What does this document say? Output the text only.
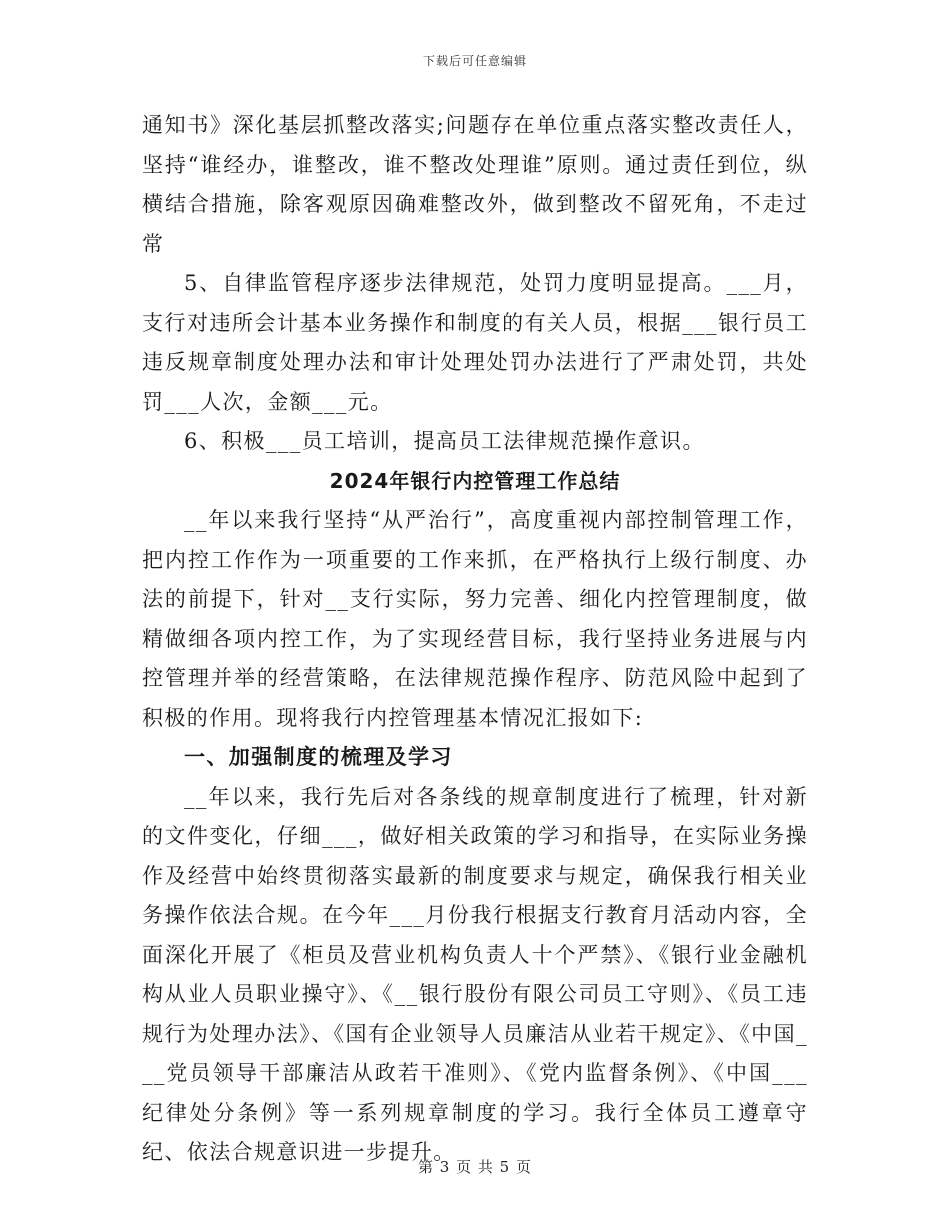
下载后可任意编辑

通知书》深化基层抓整改落实;问题存在单位重点落实整改责任人，坚持“谁经办，谁整改，谁不整改处理谁”原则。通过责任到位，纵横结合措施，除客观原因确难整改外，做到整改不留死角，不走过常

5、自律监管程序逐步法律规范，处罚力度明显提高。___月，支行对违所会计基本业务操作和制度的有关人员，根据___银行员工违反规章制度处理办法和审计处理处罚办法进行了严肃处罚，共处罚___人次，金额___元。

6、积极___员工培训，提高员工法律规范操作意识。

2024年银行内控管理工作总结

__年以来我行坚持“从严治行”，高度重视内部控制管理工作，把内控工作作为一项重要的工作来抓，在严格执行上级行制度、办法的前提下，针对__支行实际，努力完善、细化内控管理制度，做精做细各项内控工作，为了实现经营目标，我行坚持业务进展与内控管理并举的经营策略，在法律规范操作程序、防范风险中起到了积极的作用。现将我行内控管理基本情况汇报如下:

一、加强制度的梳理及学习

__年以来，我行先后对各条线的规章制度进行了梳理，针对新的文件变化，仔细___，做好相关政策的学习和指导，在实际业务操作及经营中始终贯彻落实最新的制度要求与规定，确保我行相关业务操作依法合规。在今年___月份我行根据支行教育月活动内容，全面深化开展了《柜员及营业机构负责人十个严禁》、《银行业金融机构从业人员职业操守》、《__银行股份有限公司员工守则》、《员工违规行为处理办法》、《国有企业领导人员廉洁从业若干规定》、《中国___党员领导干部廉洁从政若干准则》、《党内监督条例》、《中国___纪律处分条例》等一系列规章制度的学习。我行全体员工遵章守纪、依法合规意识进一步提升。

第 3 页 共 5 页
